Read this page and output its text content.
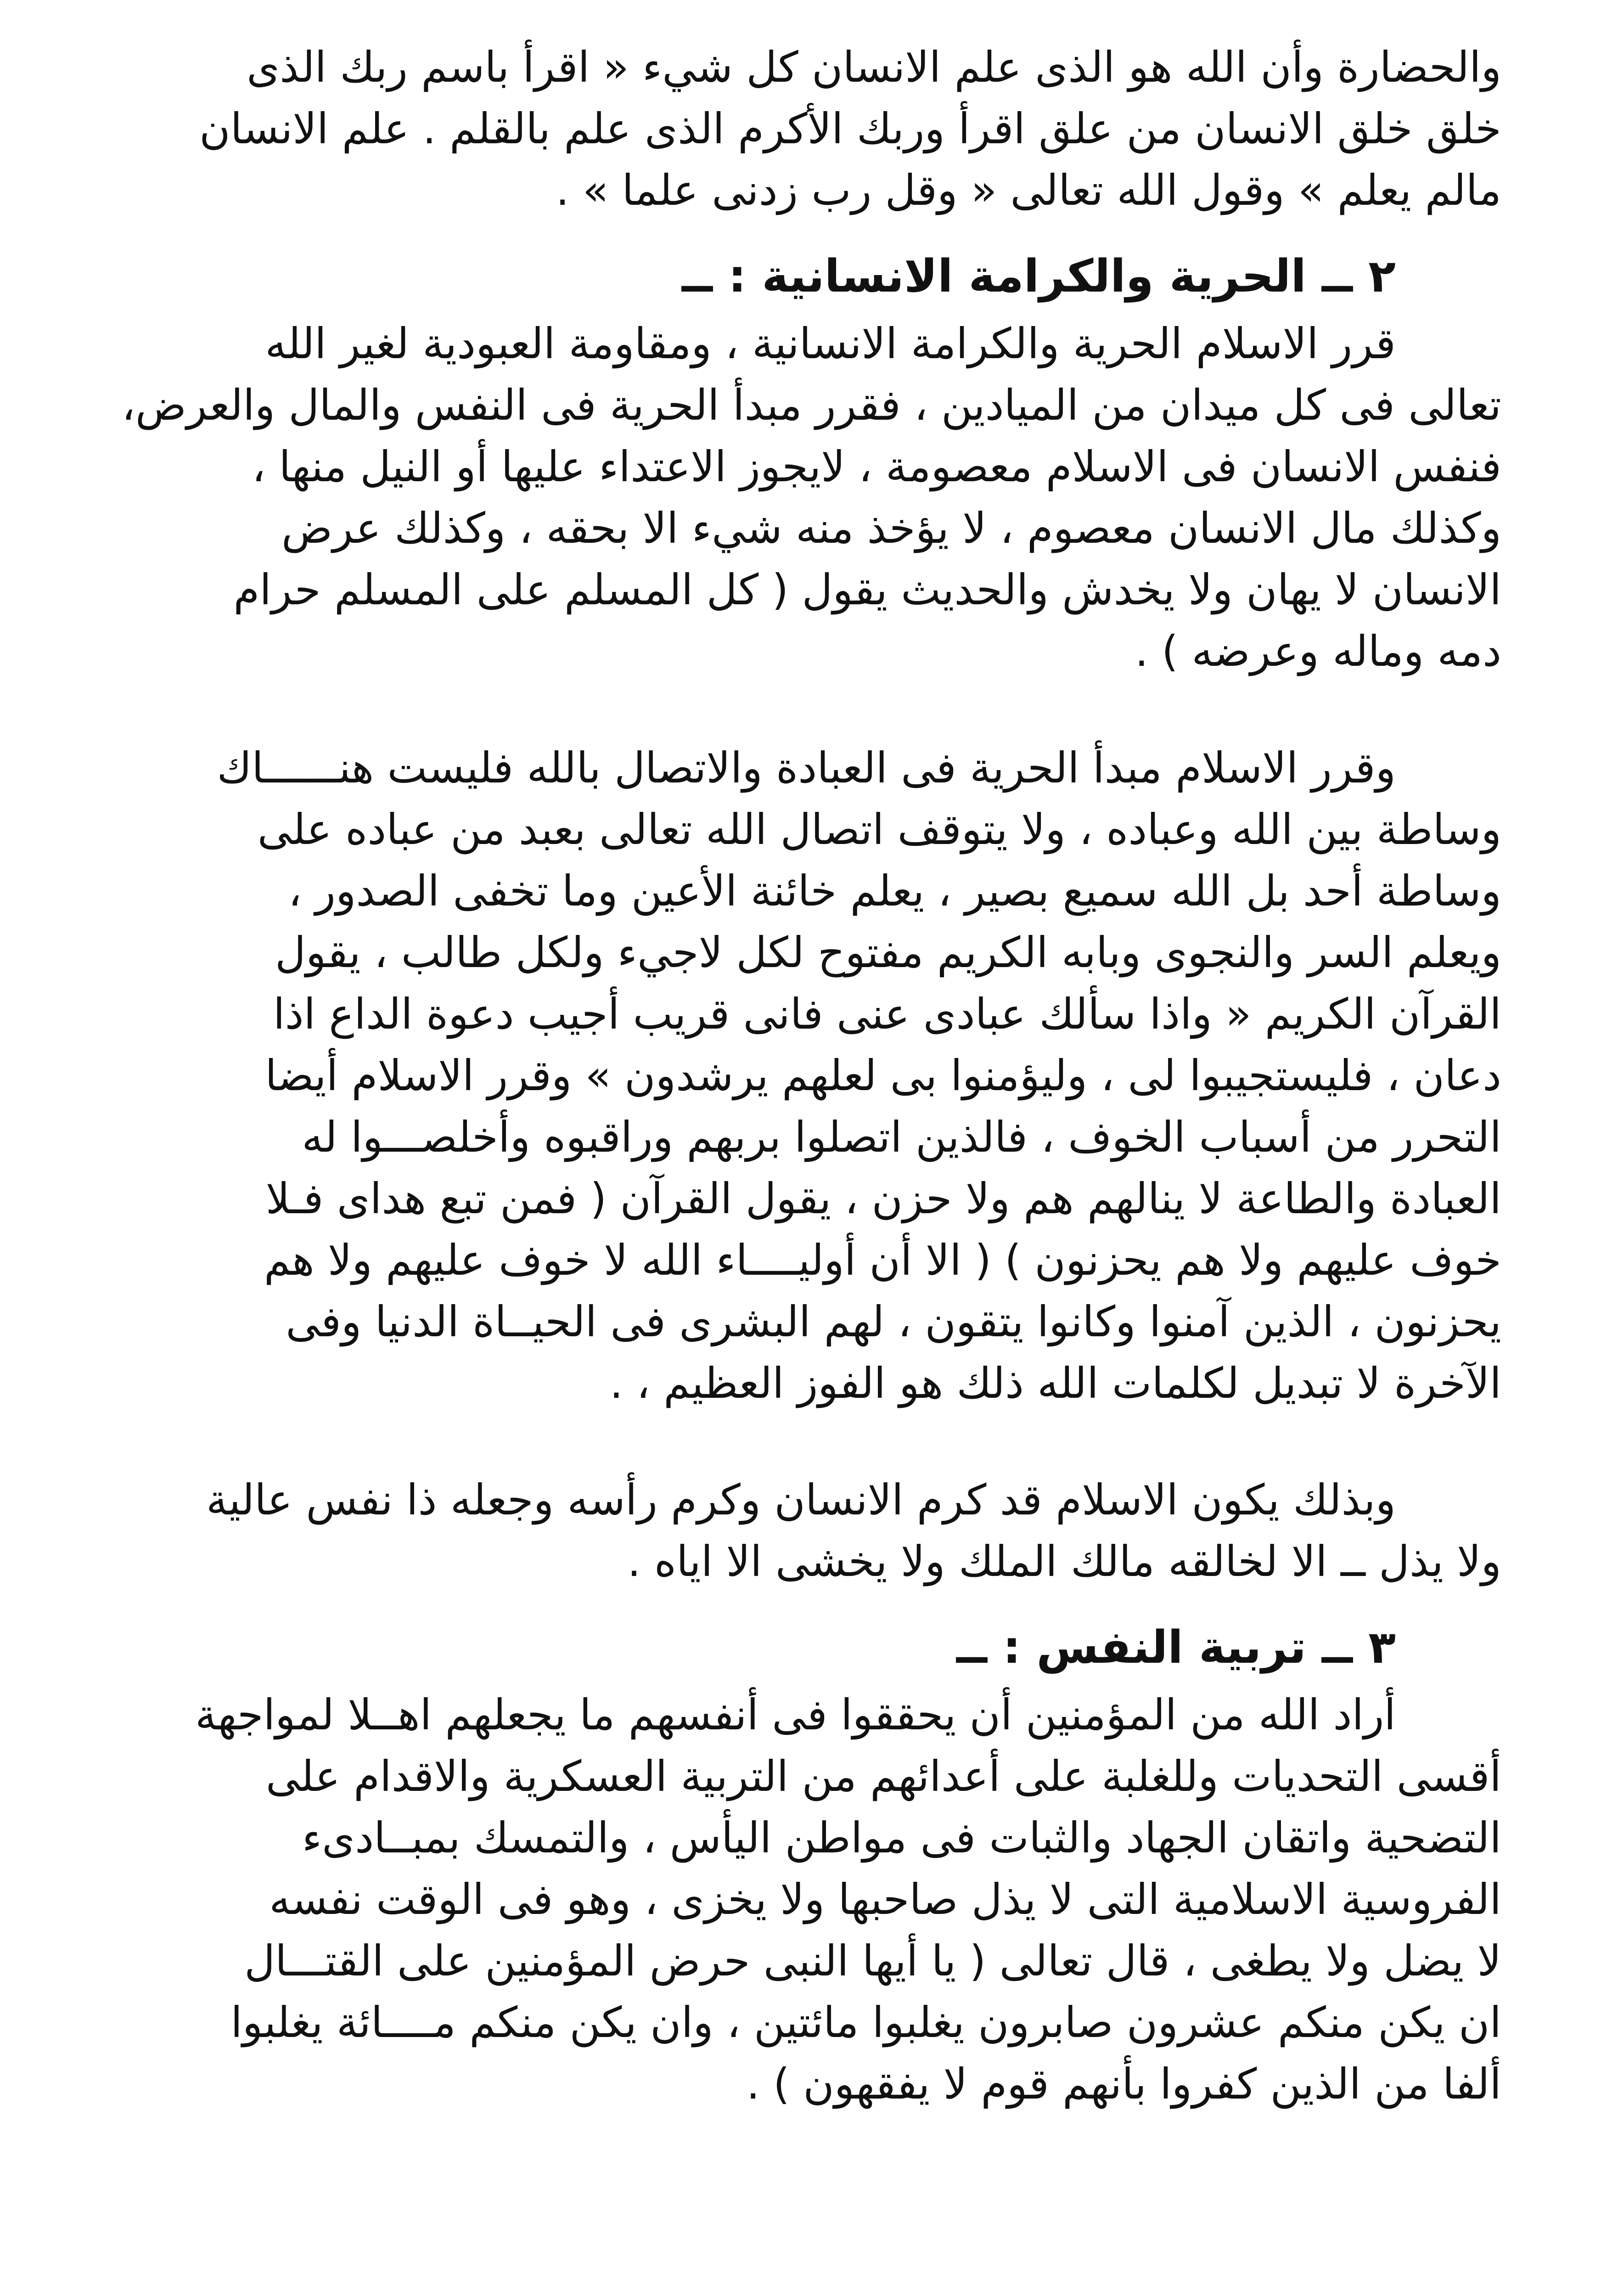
والحضارة وأن الله هو الذى علم الانسان كل شيء « اقرأ باسم ربك الذى
خلق خلق الانسان من علق اقرأ وربك الأكرم الذى علم بالقلم . علم الانسان
مالم يعلم » وقول الله تعالى « وقل رب زدنى علما » .
٢ ــ الحرية والكرامة الانسانية : ــ
قرر الاسلام الحرية والكرامة الانسانية ، ومقاومة العبودية لغير الله
تعالى فى كل ميدان من الميادين ، فقرر مبدأ الحرية فى النفس والمال والعرض،
فنفس الانسان فى الاسلام معصومة ، لايجوز الاعتداء عليها أو النيل منها ،
وكذلك مال الانسان معصوم ، لا يؤخذ منه شيء الا بحقه ، وكذلك عرض
الانسان لا يهان ولا يخدش والحديث يقول ( كل المسلم على المسلم حرام
دمه وماله وعرضه ) .
وقرر الاسلام مبدأ الحرية فى العبادة والاتصال بالله فليست هنــــــاك
وساطة بين الله وعباده ، ولا يتوقف اتصال الله تعالى بعبد من عباده على
وساطة أحد بل الله سميع بصير ، يعلم خائنة الأعين وما تخفى الصدور ،
ويعلم السر والنجوى وبابه الكريم مفتوح لكل لاجيء ولكل طالب ، يقول
القرآن الكريم « واذا سألك عبادى عنى فانى قريب أجيب دعوة الداع اذا
دعان ، فليستجيبوا لى ، وليؤمنوا بى لعلهم يرشدون » وقرر الاسلام أيضا
التحرر من أسباب الخوف ، فالذين اتصلوا بربهم وراقبوه وأخلصـــوا له
العبادة والطاعة لا ينالهم هم ولا حزن ، يقول القرآن ( فمن تبع هداى فـلا
خوف عليهم ولا هم يحزنون ) ( الا أن أوليــــاء الله لا خوف عليهم ولا هم
يحزنون ، الذين آمنوا وكانوا يتقون ، لهم البشرى فى الحيــاة الدنيا وفى
الآخرة لا تبديل لكلمات الله ذلك هو الفوز العظيم ، .
وبذلك يكون الاسلام قد كرم الانسان وكرم رأسه وجعله ذا نفس عالية
ولا يذل ــ الا لخالقه مالك الملك ولا يخشى الا اياه .
٣ ــ تربية النفس : ــ
أراد الله من المؤمنين أن يحققوا فى أنفسهم ما يجعلهم اهــلا لمواجهة
أقسى التحديات وللغلبة على أعدائهم من التربية العسكرية والاقدام على
التضحية واتقان الجهاد والثبات فى مواطن اليأس ، والتمسك بمبــادىء
الفروسية الاسلامية التى لا يذل صاحبها ولا يخزى ، وهو فى الوقت نفسه
لا يضل ولا يطغى ، قال تعالى ( يا أيها النبى حرض المؤمنين على القتـــال
ان يكن منكم عشرون صابرون يغلبوا مائتين ، وان يكن منكم مــــائة يغلبوا
ألفا من الذين كفروا بأنهم قوم لا يفقهون ) .
